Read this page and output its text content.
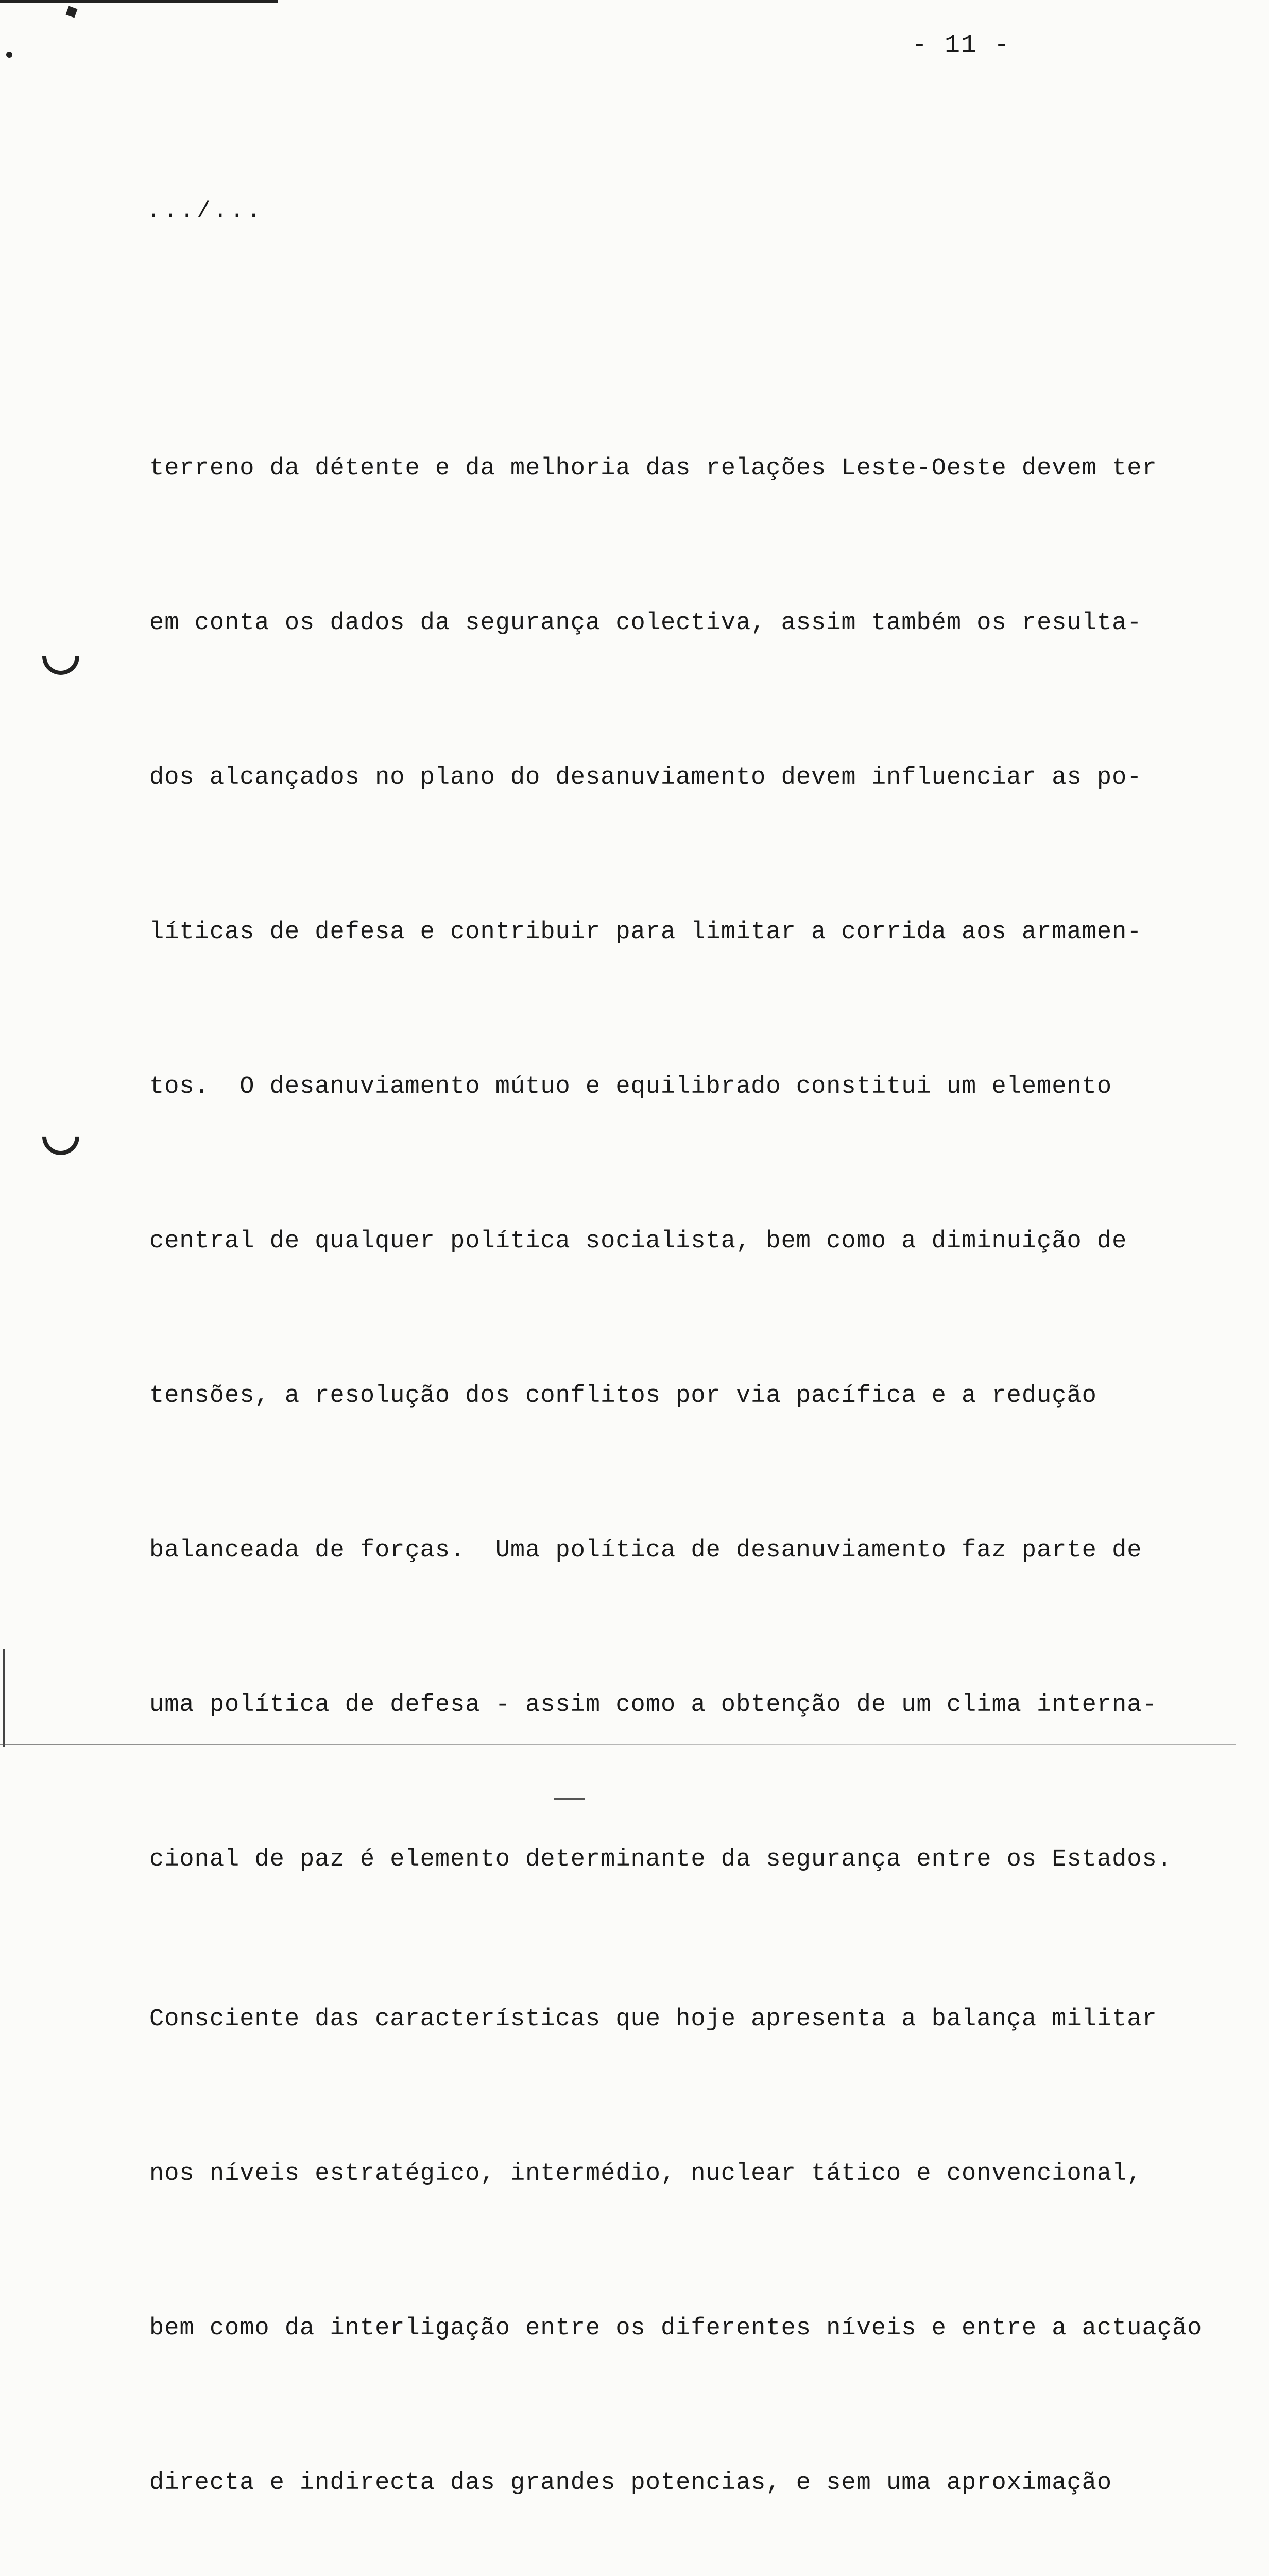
- 11 -
.../...

terreno da détente e da melhoria das relações Leste-Oeste devem ter

em conta os dados da segurança colectiva, assim também os resulta-

dos alcançados no plano do desanuviamento devem influenciar as po-

líticas de defesa e contribuir para limitar a corrida aos armamen-

tos.  O desanuviamento mútuo e equilibrado constitui um elemento

central de qualquer política socialista, bem como a diminuição de

tensões, a resolução dos conflitos por via pacífica e a redução

balanceada de forças.  Uma política de desanuviamento faz parte de

uma política de defesa - assim como a obtenção de um clima interna-

cional de paz é elemento determinante da segurança entre os Estados.

Consciente das características que hoje apresenta a balança militar

nos níveis estratégico, intermédio, nuclear tático e convencional,

bem como da interligação entre os diferentes níveis e entre a actuação

directa e indirecta das grandes potencias, e sem uma aproximação
